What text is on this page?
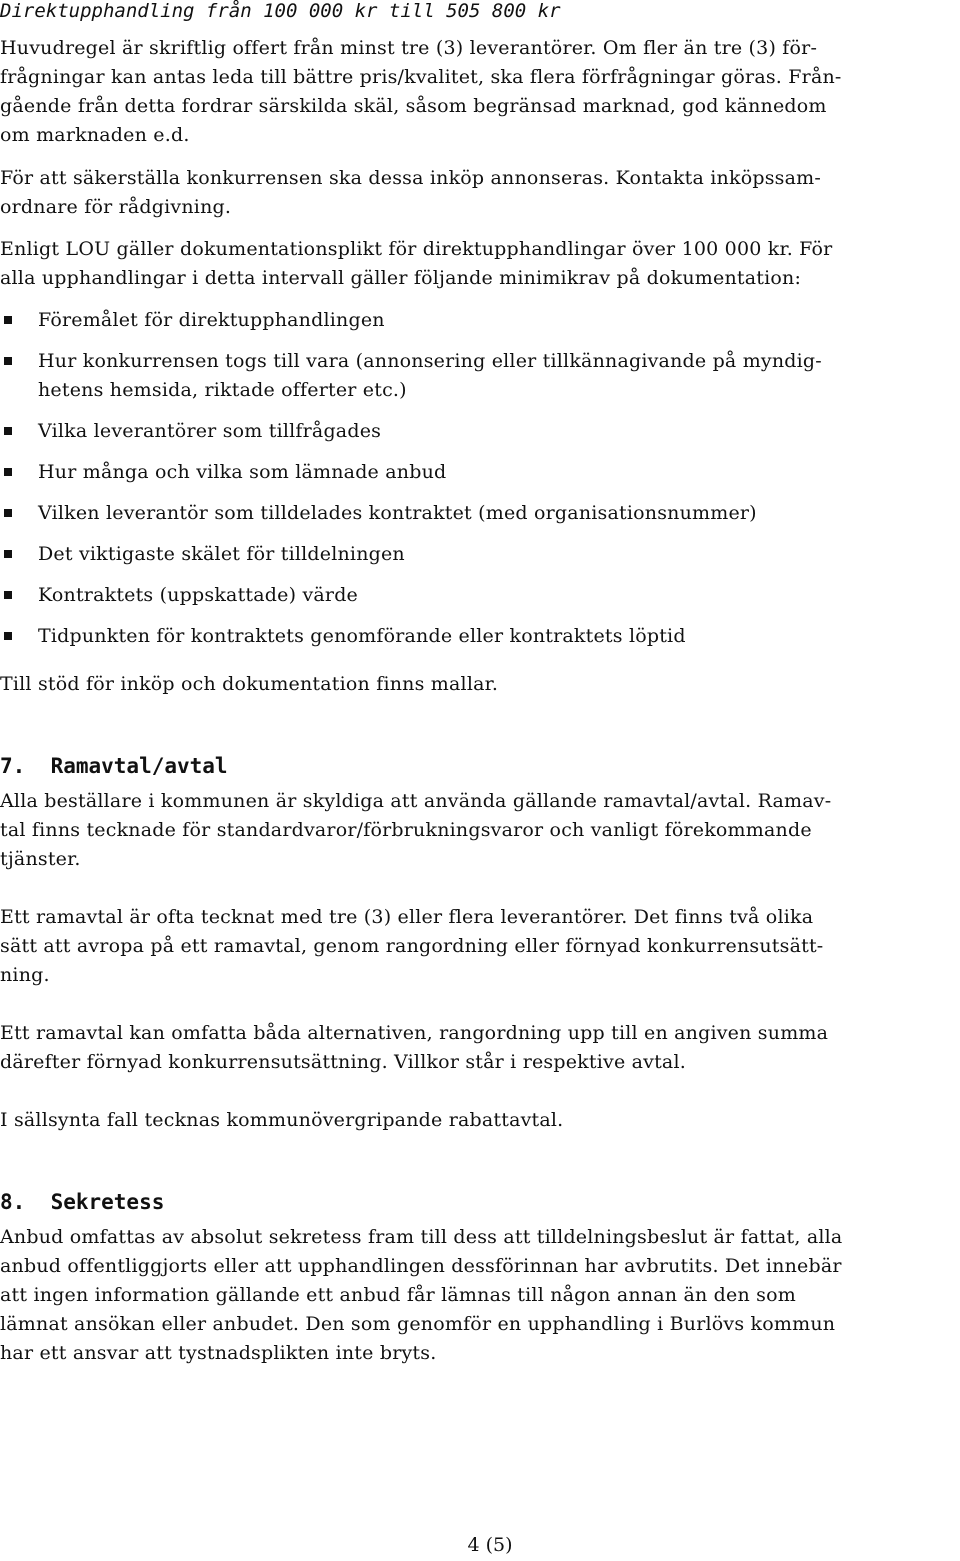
Direktupphandling från 100 000 kr till 505 800 kr
Huvudregel är skriftlig offert från minst tre (3) leverantörer. Om fler än tre (3) för-
frågningar kan antas leda till bättre pris/kvalitet, ska flera förfrågningar göras. Från-
gående från detta fordrar särskilda skäl, såsom begränsad marknad, god kännedom
om marknaden e.d.
För att säkerställa konkurrensen ska dessa inköp annonseras. Kontakta inköpssam-
ordnare för rådgivning.
Enligt LOU gäller dokumentationsplikt för direktupphandlingar över 100 000 kr. För
alla upphandlingar i detta intervall gäller följande minimikrav på dokumentation:
Föremålet för direktupphandlingen
Hur konkurrensen togs till vara (annonsering eller tillkännagivande på myndig-
hetens hemsida, riktade offerter etc.)
Vilka leverantörer som tillfrågades
Hur många och vilka som lämnade anbud
Vilken leverantör som tilldelades kontraktet (med organisationsnummer)
Det viktigaste skälet för tilldelningen
Kontraktets (uppskattade) värde
Tidpunkten för kontraktets genomförande eller kontraktets löptid
Till stöd för inköp och dokumentation finns mallar.
7.  Ramavtal/avtal
Alla beställare i kommunen är skyldiga att använda gällande ramavtal/avtal. Ramav-
tal finns tecknade för standardvaror/förbrukningsvaror och vanligt förekommande
tjänster.
Ett ramavtal är ofta tecknat med tre (3) eller flera leverantörer. Det finns två olika
sätt att avropa på ett ramavtal, genom rangordning eller förnyad konkurrensutsätt-
ning.
Ett ramavtal kan omfatta båda alternativen, rangordning upp till en angiven summa
därefter förnyad konkurrensutsättning. Villkor står i respektive avtal.
I sällsynta fall tecknas kommunövergripande rabattavtal.
8.  Sekretess
Anbud omfattas av absolut sekretess fram till dess att tilldelningsbeslut är fattat, alla
anbud offentliggjorts eller att upphandlingen dessförinnan har avbrutits. Det innebär
att ingen information gällande ett anbud får lämnas till någon annan än den som
lämnat ansökan eller anbudet. Den som genomför en upphandling i Burlövs kommun
har ett ansvar att tystnadsplikten inte bryts.
4 (5)
